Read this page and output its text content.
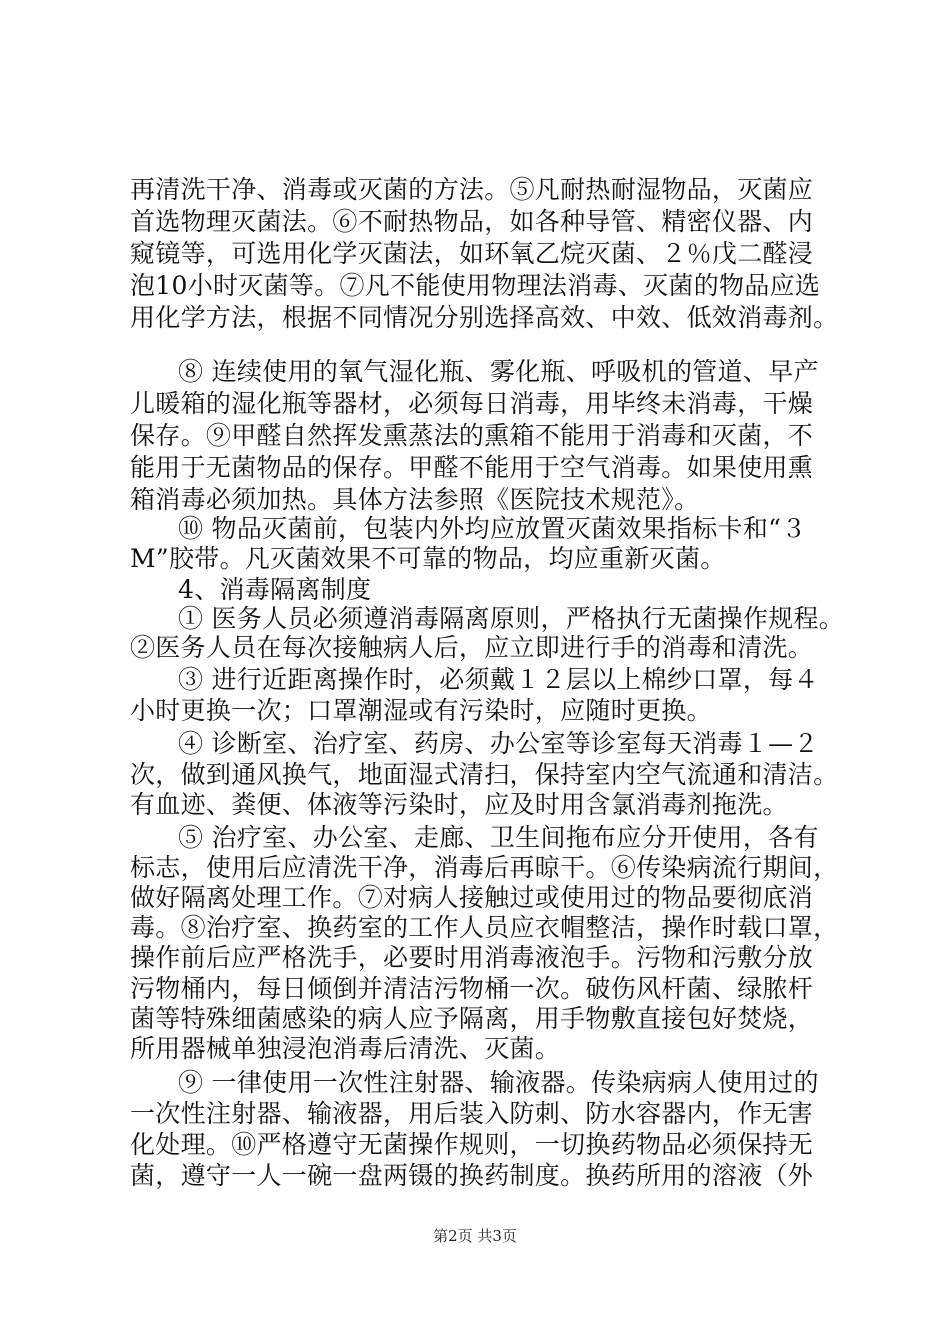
再清洗干净、消毒或灭菌的方法。⑤凡耐热耐湿物品，灭菌应
首选物理灭菌法。⑥不耐热物品，如各种导管、精密仪器、内
窥镜等，可选用化学灭菌法，如环氧乙烷灭菌、２％戊二醛浸
泡10小时灭菌等。⑦凡不能使用物理法消毒、灭菌的物品应选
用化学方法，根据不同情况分别选择高效、中效、低效消毒剂。
⑧ 连续使用的氧气湿化瓶、雾化瓶、呼吸机的管道、早产
儿暖箱的湿化瓶等器材，必须每日消毒，用毕终未消毒，干燥
保存。⑨甲醛自然挥发熏蒸法的熏箱不能用于消毒和灭菌，不
能用于无菌物品的保存。甲醛不能用于空气消毒。如果使用熏
箱消毒必须加热。具体方法参照《医院技术规范》。
⑩ 物品灭菌前，包装内外均应放置灭菌效果指标卡和“３
M”胶带。凡灭菌效果不可靠的物品，均应重新灭菌。
4、消毒隔离制度
① 医务人员必须遵消毒隔离原则，严格执行无菌操作规程。
②医务人员在每次接触病人后，应立即进行手的消毒和清洗。
③ 进行近距离操作时，必须戴１２层以上棉纱口罩，每４
小时更换一次；口罩潮湿或有污染时，应随时更换。
④ 诊断室、治疗室、药房、办公室等诊室每天消毒１—２
次，做到通风换气，地面湿式清扫，保持室内空气流通和清洁。
有血迹、粪便、体液等污染时，应及时用含氯消毒剂拖洗。
⑤ 治疗室、办公室、走廊、卫生间拖布应分开使用，各有
标志，使用后应清洗干净，消毒后再晾干。⑥传染病流行期间，
做好隔离处理工作。⑦对病人接触过或使用过的物品要彻底消
毒。⑧治疗室、换药室的工作人员应衣帽整洁，操作时载口罩，
操作前后应严格洗手，必要时用消毒液泡手。污物和污敷分放
污物桶内，每日倾倒并清洁污物桶一次。破伤风杆菌、绿脓杆
菌等特殊细菌感染的病人应予隔离，用手物敷直接包好焚烧，
所用器械单独浸泡消毒后清洗、灭菌。
⑨ 一律使用一次性注射器、输液器。传染病病人使用过的
一次性注射器、输液器，用后装入防刺、防水容器内，作无害
化处理。⑩严格遵守无菌操作规则，一切换药物品必须保持无
菌，遵守一人一碗一盘两镊的换药制度。换药所用的溶液（外
第2页 共3页
